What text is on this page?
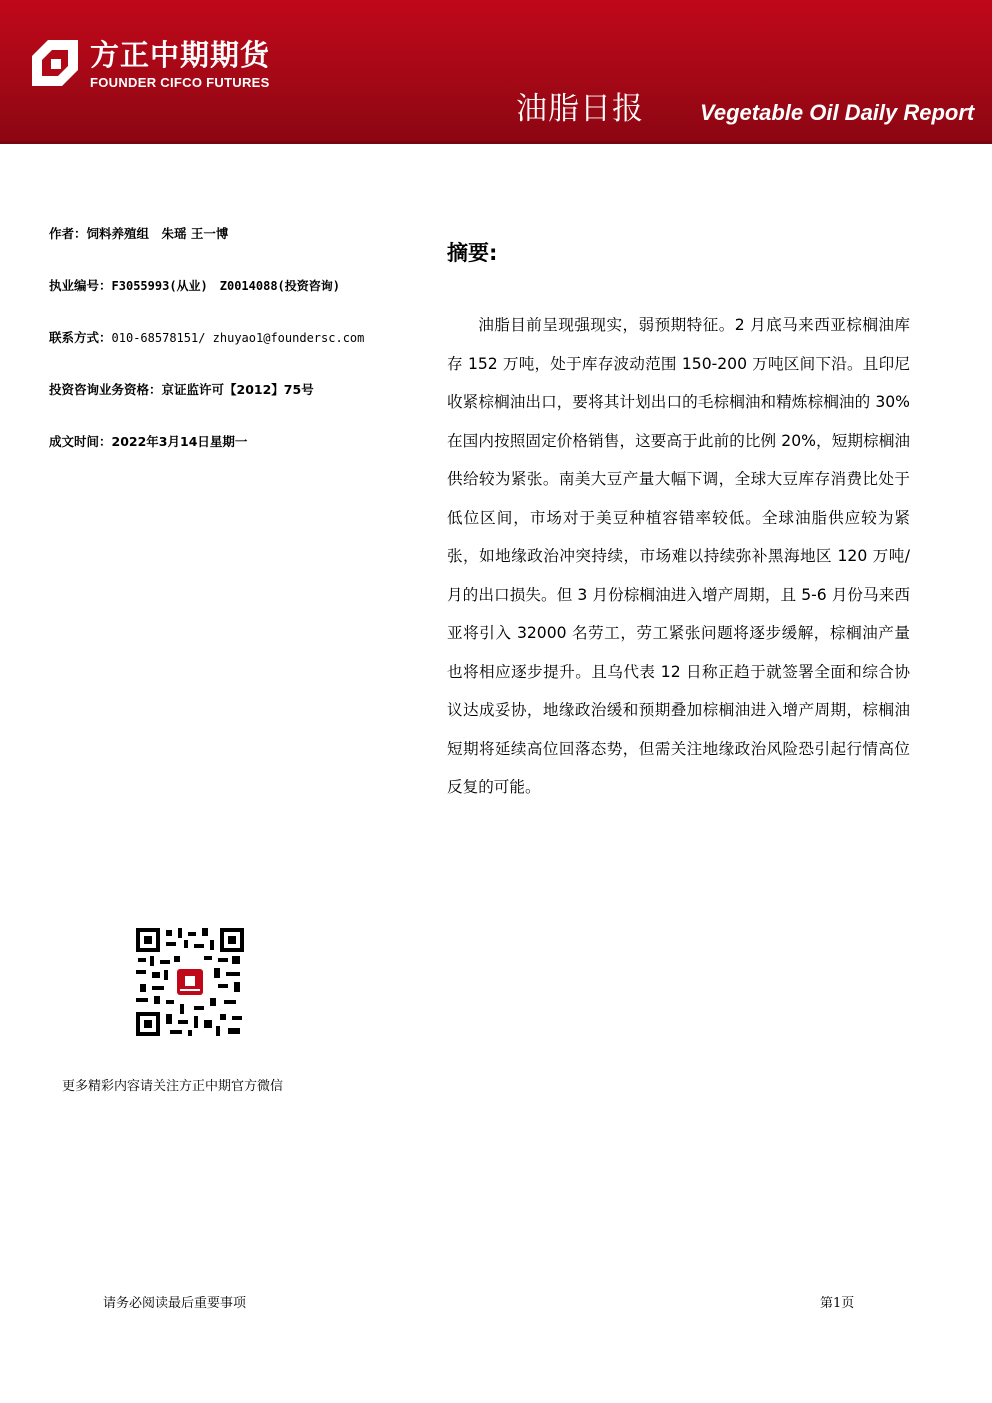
方正中期期货
FOUNDER CIFCO FUTURES
油脂日报	Vegetable Oil Daily Report
作者：饲料养殖组　朱瑶 王一博
执业编号：F3055993(从业)　Z0014088(投资咨询)
联系方式：010-68578151/ zhuyao1@foundersc.com
投资咨询业务资格：京证监许可【2012】75号
成文时间：2022年3月14日星期一
摘要:

油脂目前呈现强现实，弱预期特征。2 月底马来西亚棕榈油库存 152 万吨，处于库存波动范围 150-200 万吨区间下沿。且印尼收紧棕榈油出口，要将其计划出口的毛棕榈油和精炼棕榈油的 30% 在国内按照固定价格销售，这要高于此前的比例 20%，短期棕榈油供给较为紧张。南美大豆产量大幅下调，全球大豆库存消费比处于低位区间，市场对于美豆种植容错率较低。全球油脂供应较为紧张，如地缘政治冲突持续，市场难以持续弥补黑海地区 120 万吨/月的出口损失。但 3 月份棕榈油进入增产周期，且 5-6 月份马来西亚将引入 32000 名劳工，劳工紧张问题将逐步缓解，棕榈油产量也将相应逐步提升。且乌代表 12 日称正趋于就签署全面和综合协议达成妥协，地缘政治缓和预期叠加棕榈油进入增产周期，棕榈油短期将延续高位回落态势，但需关注地缘政治风险恐引起行情高位反复的可能。

更多精彩内容请关注方正中期官方微信
请务必阅读最后重要事项	第1页
